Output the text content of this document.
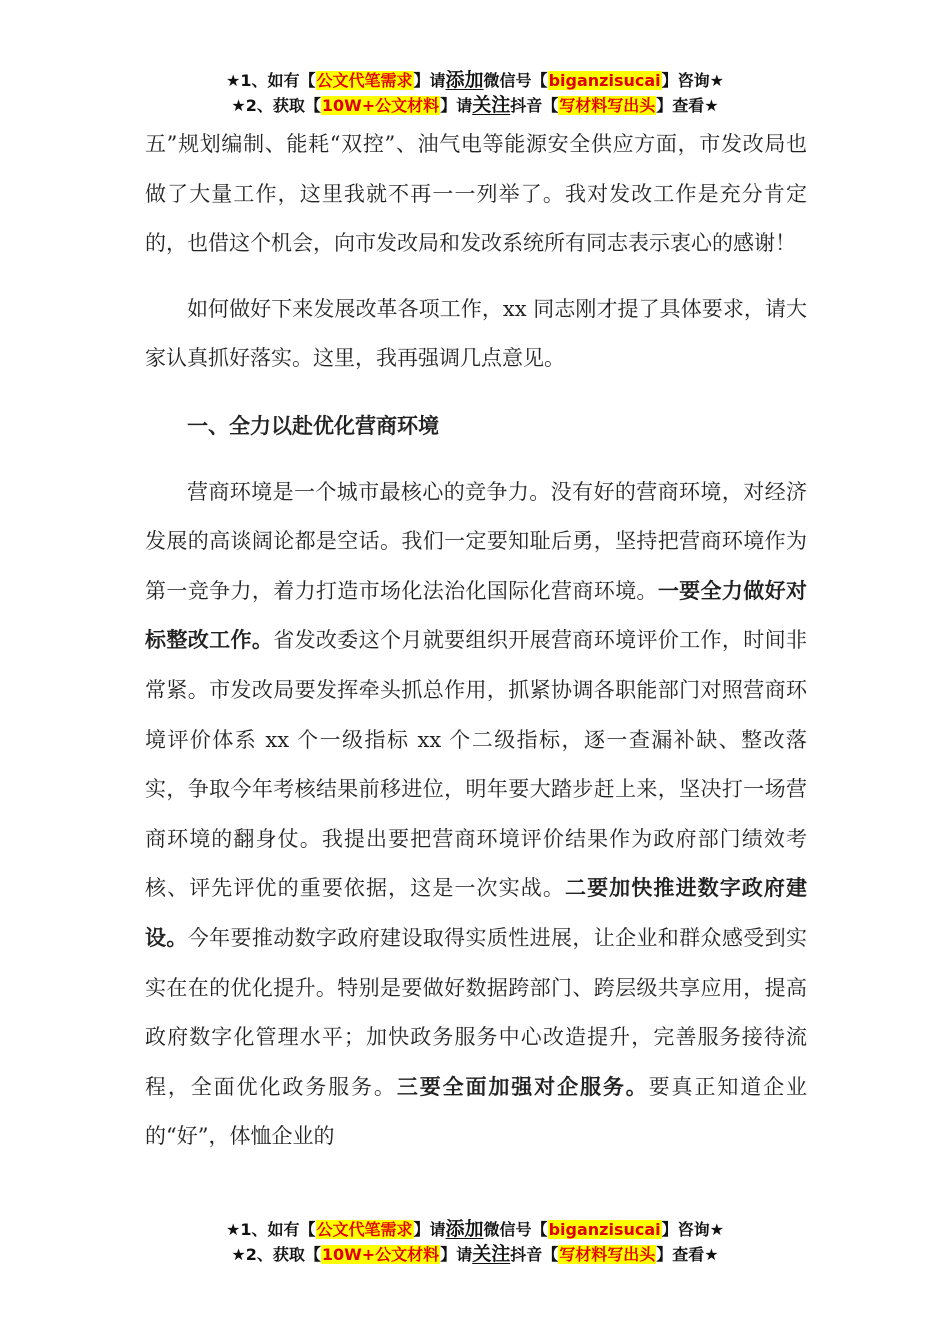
★1、如有【公文代笔需求】请添加微信号【biganzisucai】咨询★
★2、获取【10W+公文材料】请关注抖音【写材料写出头】查看★

五”规划编制、能耗“双控”、油气电等能源安全供应方面，市发改局也做了大量工作，这里我就不再一一列举了。我对发改工作是充分肯定的，也借这个机会，向市发改局和发改系统所有同志表示衷心的感谢！

如何做好下来发展改革各项工作，xx 同志刚才提了具体要求，请大家认真抓好落实。这里，我再强调几点意见。

一、全力以赴优化营商环境

营商环境是一个城市最核心的竞争力。没有好的营商环境，对经济发展的高谈阔论都是空话。我们一定要知耻后勇，坚持把营商环境作为第一竞争力，着力打造市场化法治化国际化营商环境。一要全力做好对标整改工作。省发改委这个月就要组织开展营商环境评价工作，时间非常紧。市发改局要发挥牵头抓总作用，抓紧协调各职能部门对照营商环境评价体系 xx 个一级指标 xx 个二级指标，逐一查漏补缺、整改落实，争取今年考核结果前移进位，明年要大踏步赶上来，坚决打一场营商环境的翻身仗。我提出要把营商环境评价结果作为政府部门绩效考核、评先评优的重要依据，这是一次实战。二要加快推进数字政府建设。今年要推动数字政府建设取得实质性进展，让企业和群众感受到实实在在的优化提升。特别是要做好数据跨部门、跨层级共享应用，提高政府数字化管理水平；加快政务服务中心改造提升，完善服务接待流程，全面优化政务服务。三要全面加强对企服务。要真正知道企业的“好”，体恤企业的

★1、如有【公文代笔需求】请添加微信号【biganzisucai】咨询★
★2、获取【10W+公文材料】请关注抖音【写材料写出头】查看★
